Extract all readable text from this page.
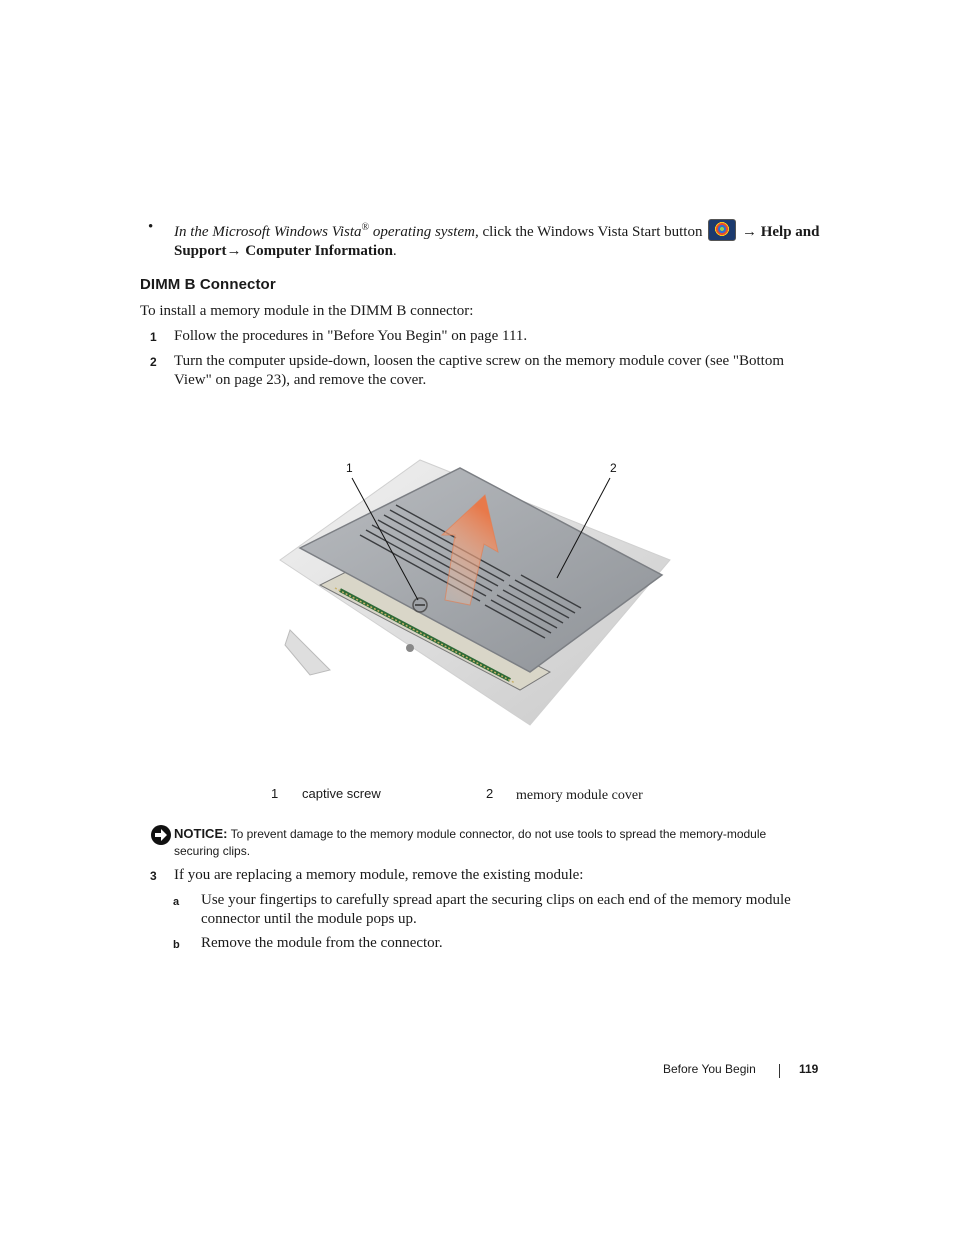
• In the Microsoft Windows Vista® operating system, click the Windows Vista Start button  → Help and Support→ Computer Information.
DIMM B Connector
To install a memory module in the DIMM B connector:
1 Follow the procedures in "Before You Begin" on page 111.
2 Turn the computer upside-down, loosen the captive screw on the memory module cover (see "Bottom View" on page 23), and remove the cover.
1	2
1 captive screw	2 memory module cover
NOTICE: To prevent damage to the memory module connector, do not use tools to spread the memory-module securing clips.
3 If you are replacing a memory module, remove the existing module:
a Use your fingertips to carefully spread apart the securing clips on each end of the memory module connector until the module pops up.
b Remove the module from the connector.
Before You Begin	119
